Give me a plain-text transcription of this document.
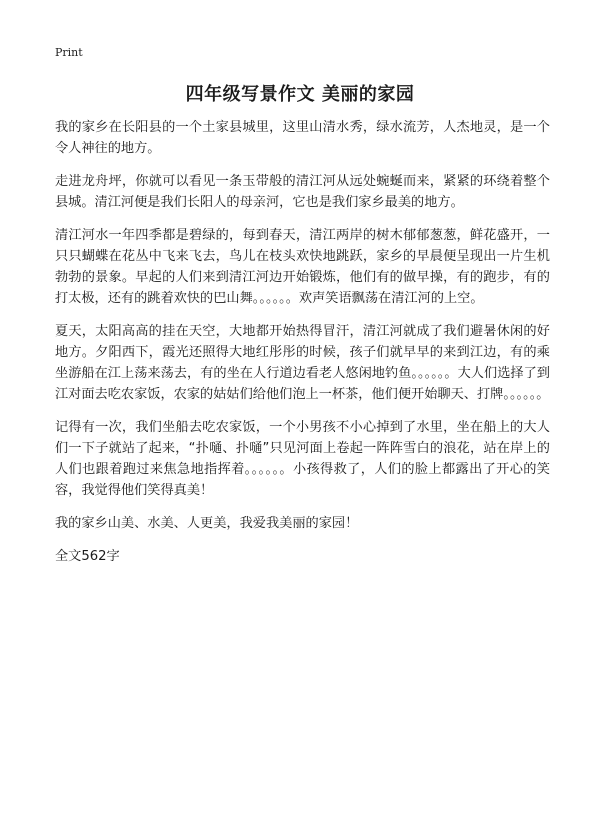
Print
四年级写景作文 美丽的家园

我的家乡在长阳县的一个土家县城里，这里山清水秀，绿水流芳，人杰地灵，是一个令人神往的地方。

走进龙舟坪，你就可以看见一条玉带般的清江河从远处蜿蜒而来，紧紧的环绕着整个县城。清江河便是我们长阳人的母亲河，它也是我们家乡最美的地方。

清江河水一年四季都是碧绿的，每到春天，清江两岸的树木郁郁葱葱，鲜花盛开，一只只蝴蝶在花丛中飞来飞去，鸟儿在枝头欢快地跳跃，家乡的早晨便呈现出一片生机勃勃的景象。早起的人们来到清江河边开始锻炼，他们有的做早操，有的跑步，有的打太极，还有的跳着欢快的巴山舞。。。。。。欢声笑语飘荡在清江河的上空。

夏天，太阳高高的挂在天空，大地都开始热得冒汗，清江河就成了我们避暑休闲的好地方。夕阳西下，霞光还照得大地红彤彤的时候，孩子们就早早的来到江边，有的乘坐游船在江上荡来荡去，有的坐在人行道边看老人悠闲地钓鱼。。。。。。大人们选择了到江对面去吃农家饭，农家的姑姑们给他们泡上一杯茶，他们便开始聊天、打牌。。。。。。

记得有一次，我们坐船去吃农家饭，一个小男孩不小心掉到了水里，坐在船上的大人们一下子就站了起来，“扑嗵、扑嗵”只见河面上卷起一阵阵雪白的浪花，站在岸上的人们也跟着跑过来焦急地指挥着。。。。。。小孩得救了，人们的脸上都露出了开心的笑容，我觉得他们笑得真美！

我的家乡山美、水美、人更美，我爱我美丽的家园！

全文562字
